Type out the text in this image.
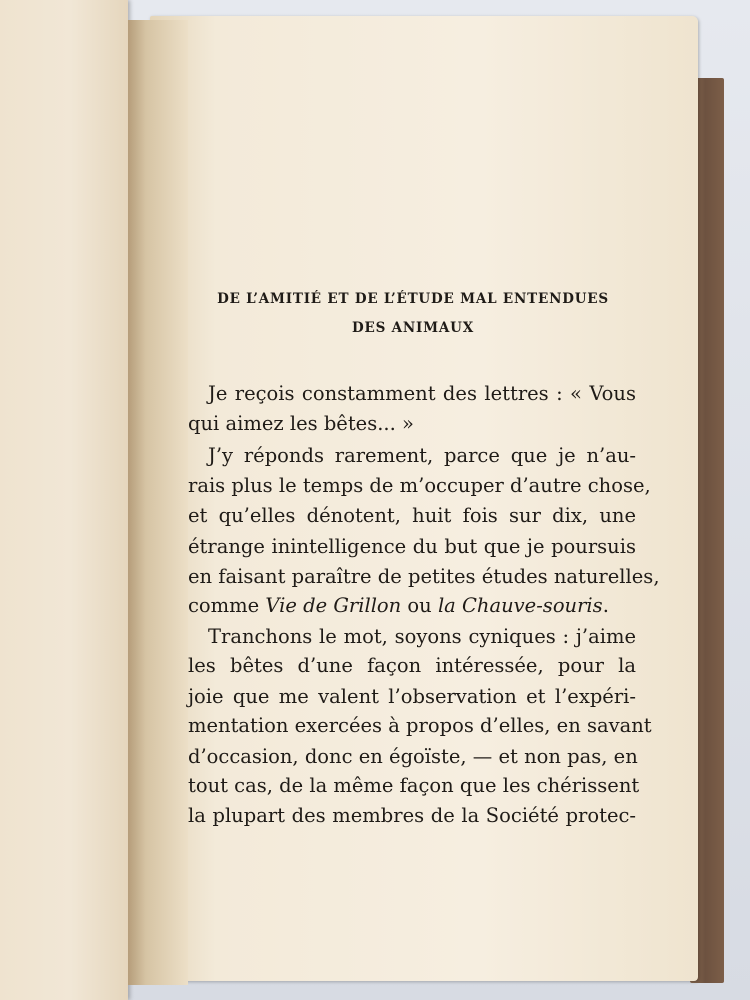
DE L’AMITIÉ ET DE L’ÉTUDE MAL ENTENDUES
DES ANIMAUX
Je reçois constamment des lettres : « Vous
qui aimez les bêtes... »
J’y réponds rarement, parce que je n’au-
rais plus le temps de m’occuper d’autre chose,
et qu’elles dénotent, huit fois sur dix, une
étrange inintelligence du but que je poursuis
en faisant paraître de petites études naturelles,
comme Vie de Grillon ou la Chauve-souris.
Tranchons le mot, soyons cyniques : j’aime
les bêtes d’une façon intéressée, pour la
joie que me valent l’observation et l’expéri-
mentation exercées à propos d’elles, en savant
d’occasion, donc en égoïste, — et non pas, en
tout cas, de la même façon que les chérissent
la plupart des membres de la Société protec-
